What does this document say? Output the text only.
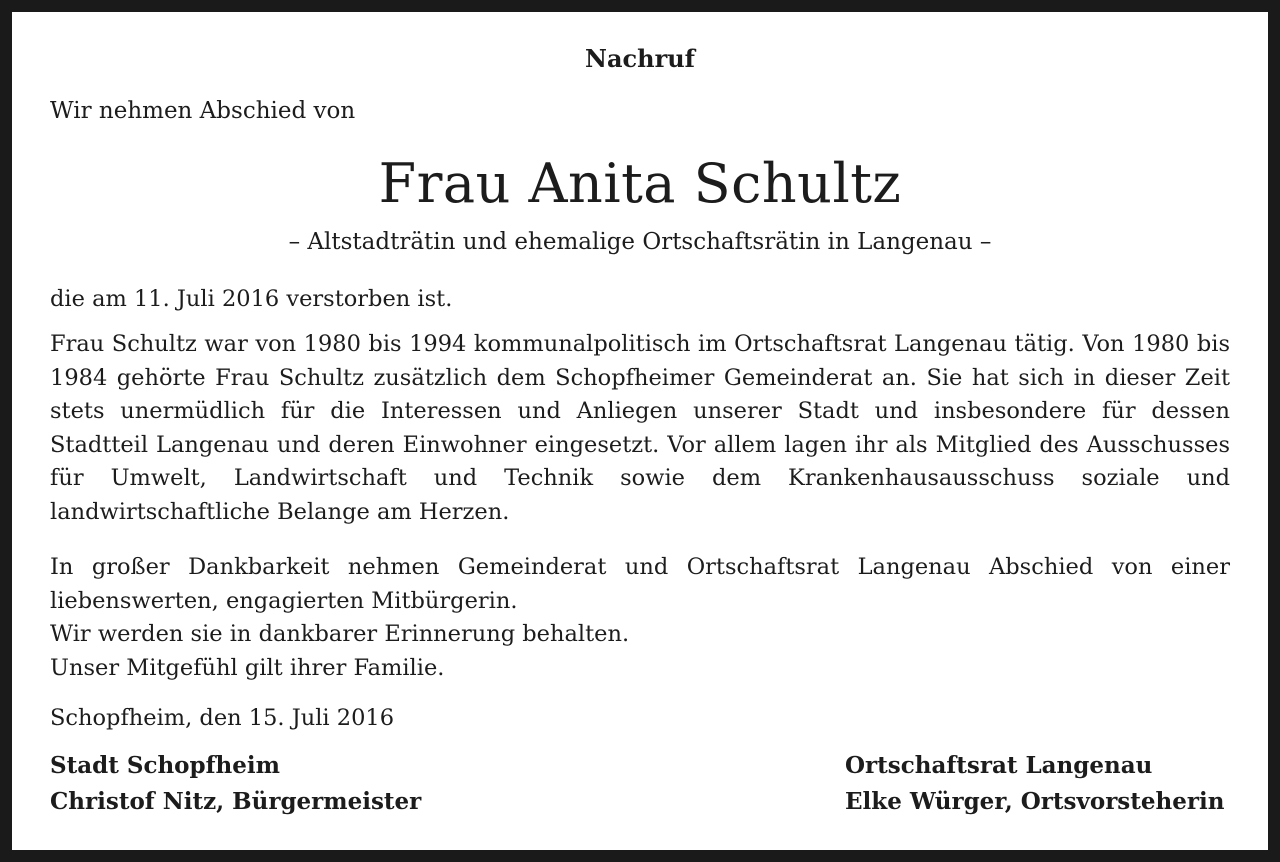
Nachruf
Wir nehmen Abschied von
Frau Anita Schultz
– Altstadträtin und ehemalige Ortschaftsrätin in Langenau –

die am 11. Juli 2016 verstorben ist.

Frau Schultz war von 1980 bis 1994 kommunalpolitisch im Ortschaftsrat Langenau tätig. Von 1980 bis 1984 gehörte Frau Schultz zusätzlich dem Schopfheimer Gemeinderat an. Sie hat sich in dieser Zeit stets unermüdlich für die Interessen und Anliegen unserer Stadt und insbesondere für dessen Stadtteil Langenau und deren Einwohner eingesetzt. Vor allem lagen ihr als Mitglied des Ausschusses für Umwelt, Landwirtschaft und Technik sowie dem Krankenhausausschuss soziale und landwirtschaftliche Belange am Herzen.

In großer Dankbarkeit nehmen Gemeinderat und Ortschaftsrat Langenau Abschied von einer liebenswerten, engagierten Mitbürgerin.

Wir werden sie in dankbarer Erinnerung behalten.

Unser Mitgefühl gilt ihrer Familie.

Schopfheim, den 15. Juli 2016

Stadt Schopfheim
Christof Nitz, Bürgermeister
Ortschaftsrat Langenau
Elke Würger, Ortsvorsteherin
